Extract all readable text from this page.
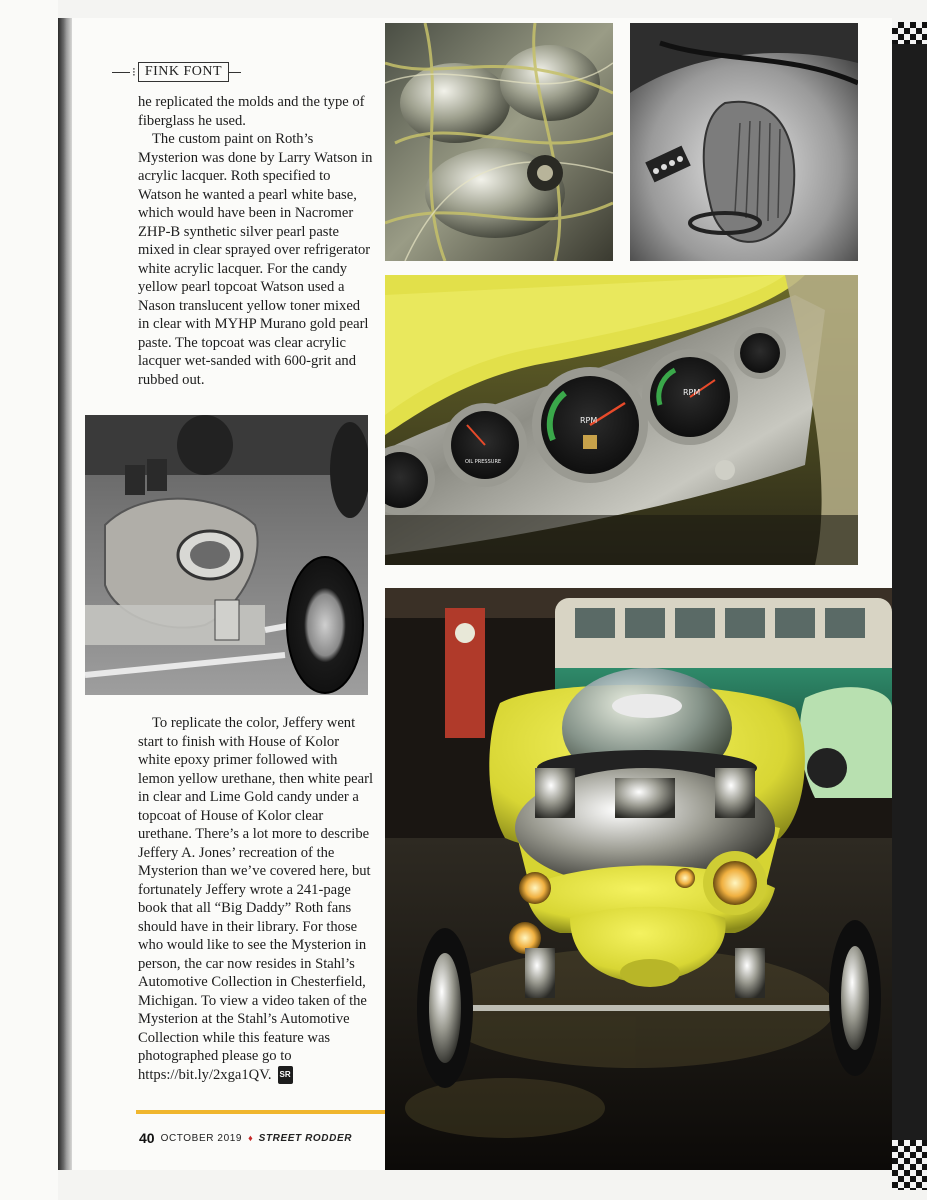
⁝ FINK FONT

he replicated the molds and the type of fiberglass he used.

The custom paint on Roth’s Mysterion was done by Larry Watson in acrylic lacquer. Roth specified to Watson he wanted a pearl white base, which would have been in Nacromer ZHP-B synthetic silver pearl paste mixed in clear sprayed over refrigerator white acrylic lacquer. For the candy yellow pearl topcoat Watson used a Nason translucent yellow toner mixed in clear with MYHP Murano gold pearl paste. The topcoat was clear acrylic lacquer wet-sanded with 600-grit and rubbed out.

To replicate the color, Jeffery went start to finish with House of Kolor white epoxy primer followed with lemon yellow urethane, then white pearl in clear and Lime Gold candy under a topcoat of House of Kolor clear urethane. There’s a lot more to describe Jeffery A. Jones’ recreation of the Mysterion than we’ve covered here, but fortunately Jeffery wrote a 241-page book that all “Big Daddy” Roth fans should have in their library. For those who would like to see the Mysterion in person, the car now resides in Stahl’s Automotive Collection in Chesterfield, Michigan. To view a video taken of the Mysterion at the Stahl’s Automotive Collection while this feature was photographed please go to https://bit.ly/2xga1QV. SR

40 OCTOBER 2019 ♦ STREET RODDER
RPM
RPM
OIL PRESSURE
